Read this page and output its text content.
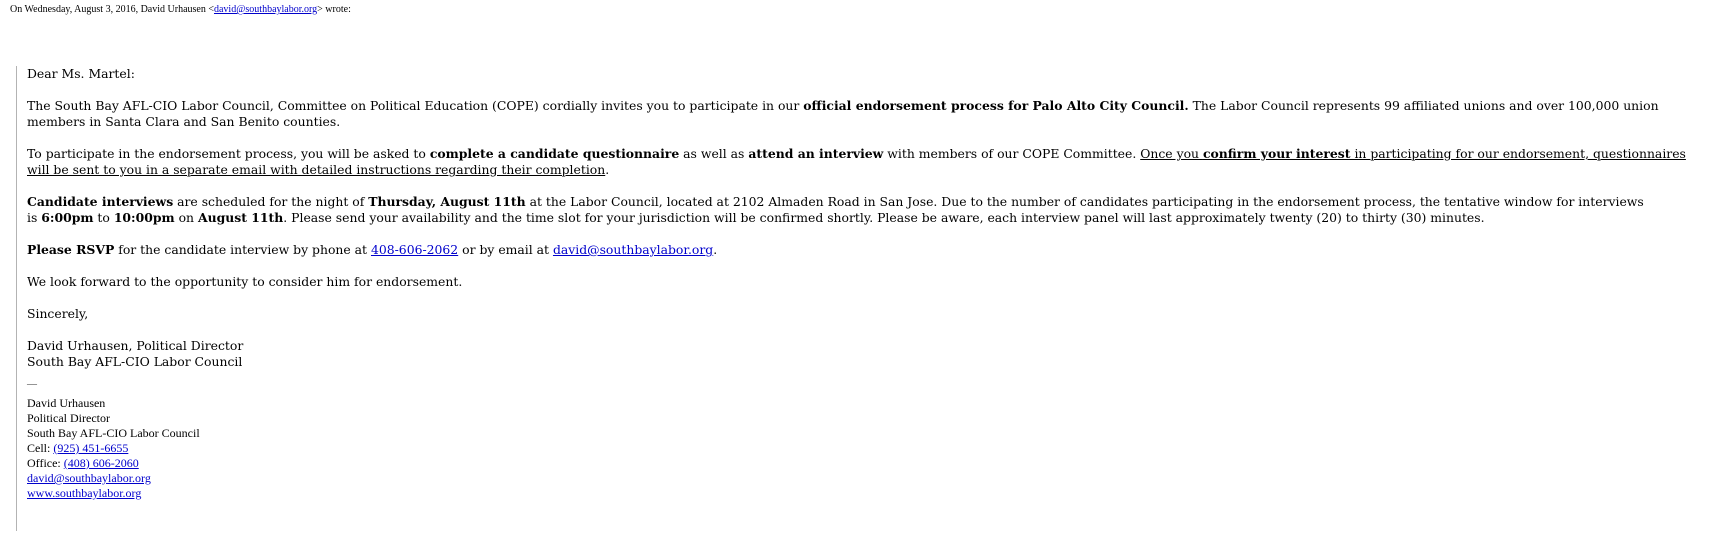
On Wednesday, August 3, 2016, David Urhausen <david@southbaylabor.org> wrote:

Dear Ms. Martel:

The South Bay AFL-CIO Labor Council, Committee on Political Education (COPE) cordially invites you to participate in our official endorsement process for Palo Alto City Council. The Labor Council represents 99 affiliated unions and over 100,000 union members in Santa Clara and San Benito counties.

To participate in the endorsement process, you will be asked to complete a candidate questionnaire as well as attend an interview with members of our COPE Committee. Once you confirm your interest in participating for our endorsement, questionnaires will be sent to you in a separate email with detailed instructions regarding their completion.

Candidate interviews are scheduled for the night of Thursday, August 11th at the Labor Council, located at 2102 Almaden Road in San Jose. Due to the number of candidates participating in the endorsement process, the tentative window for interviews
is 6:00pm to 10:00pm on August 11th. Please send your availability and the time slot for your jurisdiction will be confirmed shortly. Please be aware, each interview panel will last approximately twenty (20) to thirty (30) minutes.

Please RSVP for the candidate interview by phone at 408-606-2062 or by email at david@southbaylabor.org.

We look forward to the opportunity to consider him for endorsement.

Sincerely,

David Urhausen, Political Director

South Bay AFL-CIO Labor Council

—
David Urhausen
Political Director
South Bay AFL-CIO Labor Council
Cell: (925) 451-6655
Office: (408) 606-2060
david@southbaylabor.org
www.southbaylabor.org
